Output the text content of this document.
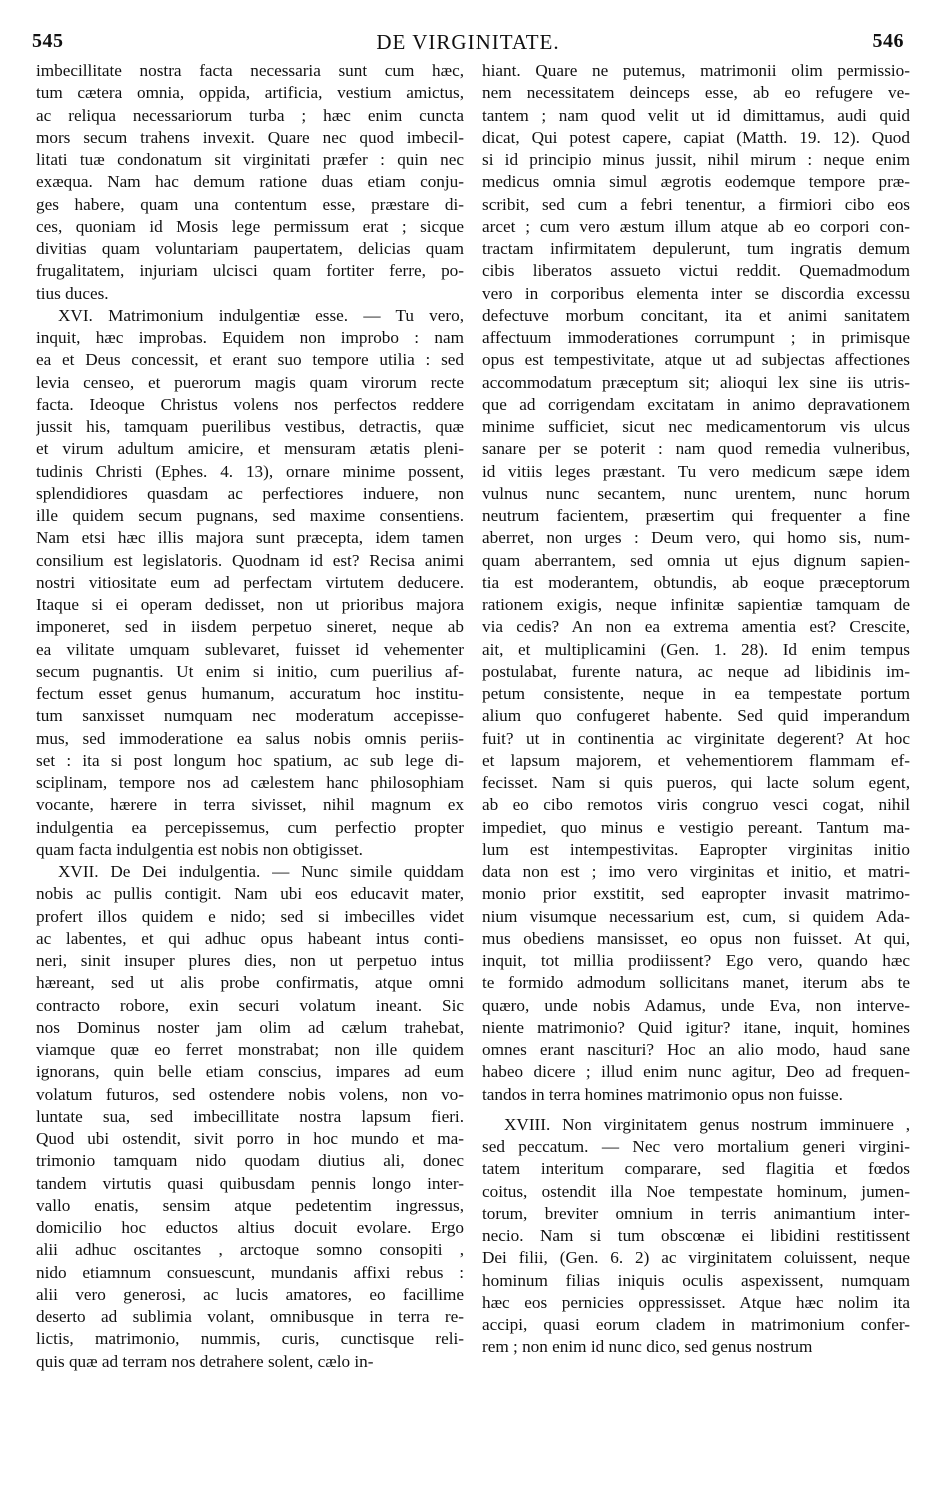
545	DE VIRGINITATE.	546
imbecillitate nostra facta necessaria sunt cum hæc,
tum cætera omnia, oppida, artificia, vestium amictus,
ac reliqua necessariorum turba ; hæc enim cuncta
mors secum trahens invexit. Quare nec quod imbecil-
litati tuæ condonatum sit virginitati præfer : quin nec
exæqua. Nam hac demum ratione duas etiam conju-
ges habere, quam una contentum esse, præstare di-
ces, quoniam id Mosis lege permissum erat ; sicque
divitias quam voluntariam paupertatem, delicias quam
frugalitatem, injuriam ulcisci quam fortiter ferre, po-
tius duces.
XVI. Matrimonium indulgentiæ esse. — Tu vero,
inquit, hæc improbas. Equidem non improbo : nam
ea et Deus concessit, et erant suo tempore utilia : sed
levia censeo, et puerorum magis quam virorum recte
facta. Ideoque Christus volens nos perfectos reddere
jussit his, tamquam puerilibus vestibus, detractis, quæ
et virum adultum amicire, et mensuram ætatis pleni-
tudinis Christi (Ephes. 4. 13), ornare minime possent,
splendidiores quasdam ac perfectiores induere, non
ille quidem secum pugnans, sed maxime consentiens.
Nam etsi hæc illis majora sunt præcepta, idem tamen
consilium est legislatoris. Quodnam id est? Recisa animi
nostri vitiositate eum ad perfectam virtutem deducere.
Itaque si ei operam dedisset, non ut prioribus majora
imponeret, sed in iisdem perpetuo sineret, neque ab
ea vilitate umquam sublevaret, fuisset id vehementer
secum pugnantis. Ut enim si initio, cum puerilius af-
fectum esset genus humanum, accuratum hoc institu-
tum sanxisset numquam nec moderatum accepisse-
mus, sed immoderatione ea salus nobis omnis periis-
set : ita si post longum hoc spatium, ac sub lege di-
sciplinam, tempore nos ad cælestem hanc philosophiam
vocante, hærere in terra sivisset, nihil magnum ex
indulgentia ea percepissemus, cum perfectio propter
quam facta indulgentia est nobis non obtigisset.
XVII. De Dei indulgentia. — Nunc simile quiddam
nobis ac pullis contigit. Nam ubi eos educavit mater,
profert illos quidem e nido; sed si imbecilles videt
ac labentes, et qui adhuc opus habeant intus conti-
neri, sinit insuper plures dies, non ut perpetuo intus
hæreant, sed ut alis probe confirmatis, atque omni
contracto robore, exin securi volatum ineant. Sic
nos Dominus noster jam olim ad cælum trahebat,
viamque quæ eo ferret monstrabat; non ille quidem
ignorans, quin belle etiam conscius, impares ad eum
volatum futuros, sed ostendere nobis volens, non vo-
luntate sua, sed imbecillitate nostra lapsum fieri.
Quod ubi ostendit, sivit porro in hoc mundo et ma-
trimonio tamquam nido quodam diutius ali, donec
tandem virtutis quasi quibusdam pennis longo inter-
vallo enatis, sensim atque pedetentim ingressus,
domicilio hoc eductos altius docuit evolare. Ergo
alii adhuc oscitantes , arctoque somno consopiti ,
nido etiamnum consuescunt, mundanis affixi rebus :
alii vero generosi, ac lucis amatores, eo facillime
deserto ad sublimia volant, omnibusque in terra re-
lictis, matrimonio, nummis, curis, cunctisque reli-
quis quæ ad terram nos detrahere solent, cælo in-
hiant. Quare ne putemus, matrimonii olim permissio-
nem necessitatem deinceps esse, ab eo refugere ve-
tantem ; nam quod velit ut id dimittamus, audi quid
dicat, Qui potest capere, capiat (Matth. 19. 12). Quod
si id principio minus jussit, nihil mirum : neque enim
medicus omnia simul ægrotis eodemque tempore præ-
scribit, sed cum a febri tenentur, a firmiori cibo eos
arcet ; cum vero æstum illum atque ab eo corpori con-
tractam infirmitatem depulerunt, tum ingratis demum
cibis liberatos assueto victui reddit. Quemadmodum
vero in corporibus elementa inter se discordia excessu
defectuve morbum concitant, ita et animi sanitatem
affectuum immoderationes corrumpunt ; in primisque
opus est tempestivitate, atque ut ad subjectas affectiones
accommodatum præceptum sit; alioqui lex sine iis utris-
que ad corrigendam excitatam in animo depravationem
minime sufficiet, sicut nec medicamentorum vis ulcus
sanare per se poterit : nam quod remedia vulneribus,
id vitiis leges præstant. Tu vero medicum sæpe idem
vulnus nunc secantem, nunc urentem, nunc horum
neutrum facientem, præsertim qui frequenter a fine
aberret, non urges : Deum vero, qui homo sis, num-
quam aberrantem, sed omnia ut ejus dignum sapien-
tia est moderantem, obtundis, ab eoque præceptorum
rationem exigis, neque infinitæ sapientiæ tamquam de
via cedis? An non ea extrema amentia est? Crescite,
ait, et multiplicamini (Gen. 1. 28). Id enim tempus
postulabat, furente natura, ac neque ad libidinis im-
petum consistente, neque in ea tempestate portum
alium quo confugeret habente. Sed quid imperandum
fuit? ut in continentia ac virginitate degerent? At hoc
et lapsum majorem, et vehementiorem flammam ef-
fecisset. Nam si quis pueros, qui lacte solum egent,
ab eo cibo remotos viris congruo vesci cogat, nihil
impediet, quo minus e vestigio pereant. Tantum ma-
lum est intempestivitas. Eapropter virginitas initio
data non est ; imo vero virginitas et initio, et matri-
monio prior exstitit, sed eapropter invasit matrimo-
nium visumque necessarium est, cum, si quidem Ada-
mus obediens mansisset, eo opus non fuisset. At qui,
inquit, tot millia prodiissent? Ego vero, quando hæc
te formido admodum sollicitans manet, iterum abs te
quæro, unde nobis Adamus, unde Eva, non interve-
niente matrimonio? Quid igitur? itane, inquit, homines
omnes erant nascituri? Hoc an alio modo, haud sane
habeo dicere ; illud enim nunc agitur, Deo ad frequen-
tandos in terra homines matrimonio opus non fuisse.
XVIII. Non virginitatem genus nostrum imminuere ,
sed peccatum. — Nec vero mortalium generi virgini-
tatem interitum comparare, sed flagitia et fœdos
coitus, ostendit illa Noe tempestate hominum, jumen-
torum, breviter omnium in terris animantium inter-
necio. Nam si tum obscœnæ ei libidini restitissent
Dei filii, (Gen. 6. 2) ac virginitatem coluissent, neque
hominum filias iniquis oculis aspexissent, numquam
hæc eos pernicies oppressisset. Atque hæc nolim ita
accipi, quasi eorum cladem in matrimonium confer-
rem ; non enim id nunc dico, sed genus nostrum
